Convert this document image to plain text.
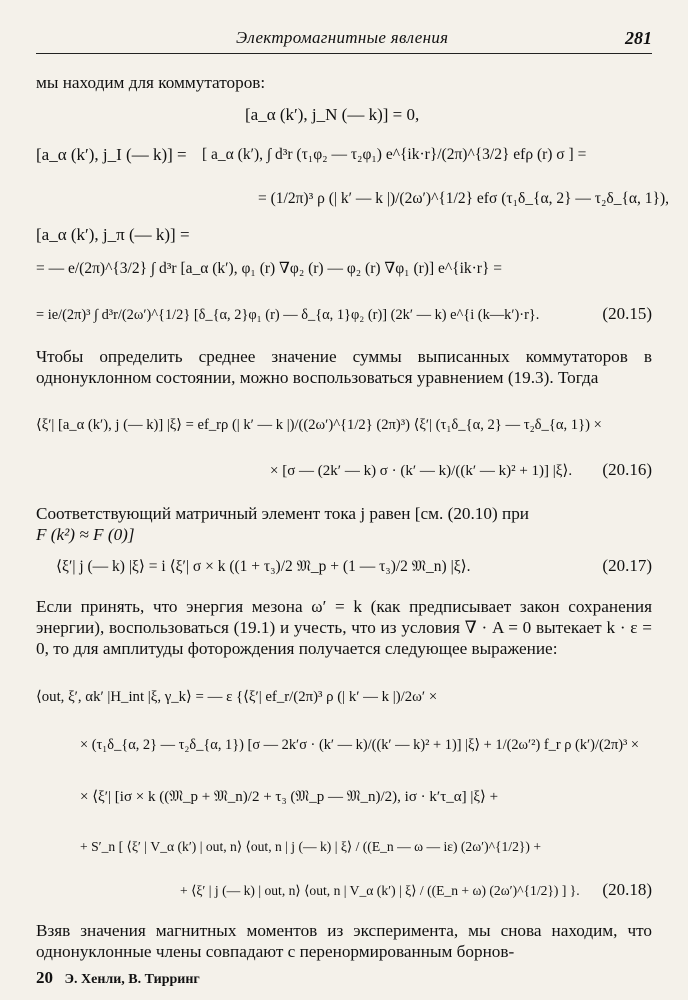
Электромагнитные явления	281
мы находим для коммутаторов:
[a_α (k′), j_N (— k)] = 0,
[a_α (k′), j_I (— k)] = [ a_α (k′), ∫ d³r (τ₁φ₂ — τ₂φ₁) e^{ik·r}/(2π)^{3/2} efρ (r) σ ] =
= (1/2π)³ ρ (| k′ — k |)/(2ω′)^{1/2} efσ (τ₁δ_{α, 2} — τ₂δ_{α, 1}),
[a_α (k′), j_π (— k)] =
= — e/(2π)^{3/2} ∫ d³r [a_α (k′), φ₁ (r) ∇φ₂ (r) — φ₂ (r) ∇φ₁ (r)] e^{ik·r} =
= ie/(2π)³ ∫ d³r/(2ω′)^{1/2} [δ_{α, 2}φ₁ (r) — δ_{α, 1}φ₂ (r)] (2k′ — k) e^{i (k—k′)·r}.	(20.15)
Чтобы определить среднее значение суммы выписанных коммутаторов в однонуклонном состоянии, можно воспользоваться уравнением (19.3). Тогда
⟨ξ′| [a_α (k′), j (— k)] |ξ⟩ = ef_rρ (| k′ — k |)/((2ω′)^{1/2} (2π)³) ⟨ξ′| (τ₁δ_{α, 2} — τ₂δ_{α, 1}) ×
× [σ — (2k′ — k) σ · (k′ — k)/((k′ — k)² + 1)] |ξ⟩. (20.16)
Соответствующий матричный элемент тока j равен [см. (20.10) при
F (k²) ≈ F (0)]
⟨ξ′| j (— k) |ξ⟩ = i ⟨ξ′| σ × k ((1 + τ₃)/2 𝔐_p + (1 — τ₃)/2 𝔐_n) |ξ⟩.	(20.17)
Если принять, что энергия мезона ω′ = k (как предписывает закон сохранения энергии), воспользоваться (19.1) и учесть, что из условия ∇ · A = 0 вытекает k · ε = 0, то для амплитуды фоторождения получается следующее выражение:
⟨out, ξ′, αk′ |H_int |ξ, γ_k⟩ = — ε {⟨ξ′| ef_r/(2π)³ ρ (| k′ — k |)/2ω′ ×
× (τ₁δ_{α, 2} — τ₂δ_{α, 1}) [σ — 2k′σ · (k′ — k)/((k′ — k)² + 1)] |ξ⟩ + 1/(2ω′²) f_r ρ (k′)/(2π)³ ×
× ⟨ξ′| [iσ × k ((𝔐_p + 𝔐_n)/2 + τ₃ (𝔐_p — 𝔐_n)/2), iσ · k′τ_α] |ξ⟩ +
+ S′_n [ ⟨ξ′ | V_α (k′) | out, n⟩ ⟨out, n | j (— k) | ξ⟩ / ((E_n — ω — iε) (2ω′)^{1/2}) +
+ ⟨ξ′ | j (— k) | out, n⟩ ⟨out, n | V_α (k′) | ξ⟩ / ((E_n + ω) (2ω′)^{1/2}) ] }. (20.18)
Взяв значения магнитных моментов из эксперимента, мы снова находим, что однонуклонные члены совпадают с перенормированным борнов-
20 Э. Хенли, В. Тирринг
